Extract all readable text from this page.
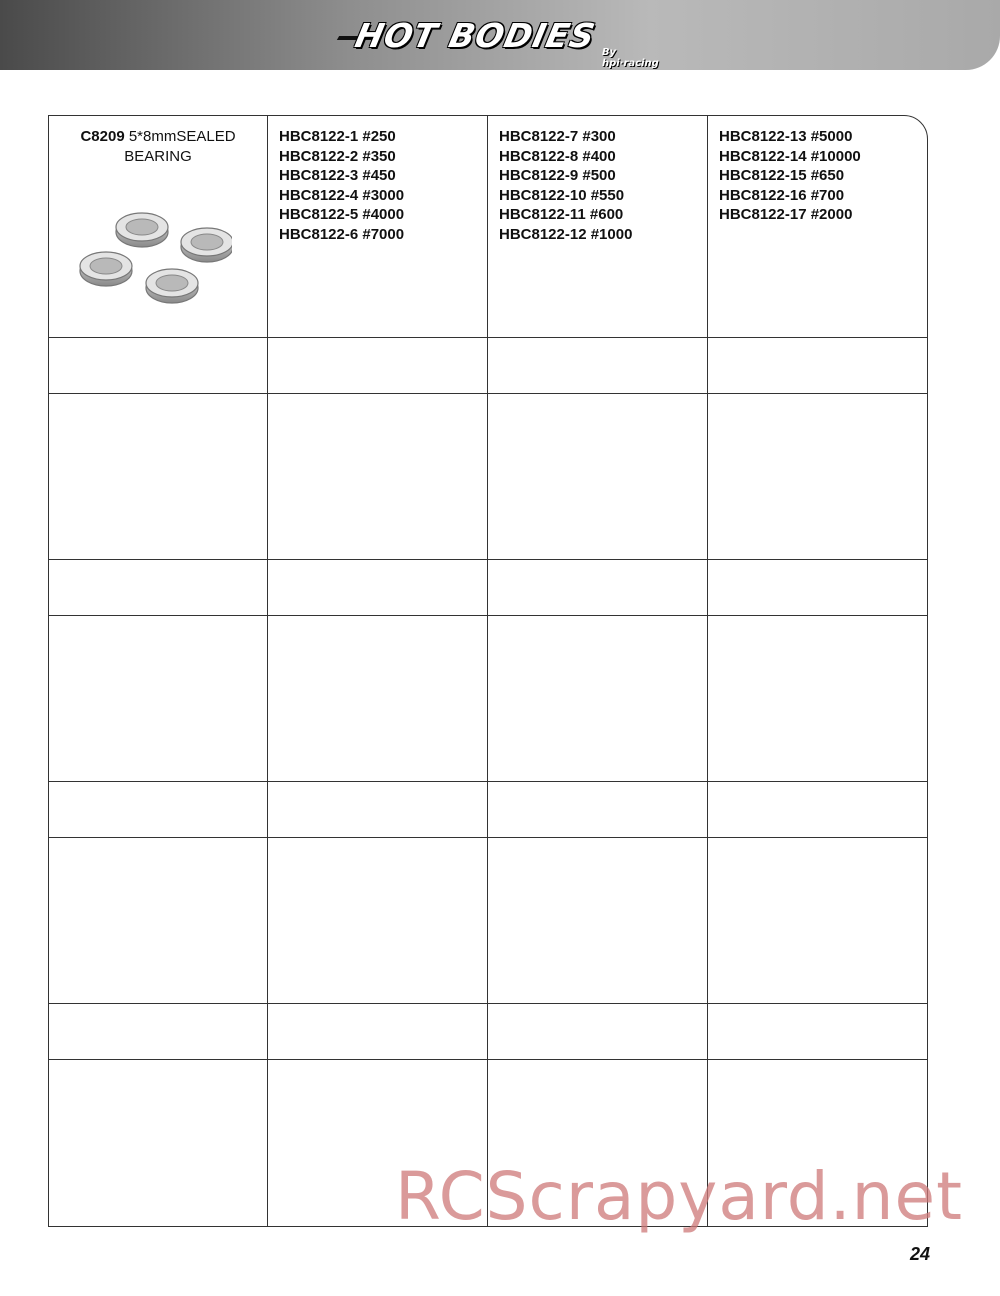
HOT BODIES By hpi·racing
C8209 5*8mmSEALED
BEARING
HBC8122-1 #250
HBC8122-2 #350
HBC8122-3 #450
HBC8122-4 #3000
HBC8122-5 #4000
HBC8122-6 #7000
HBC8122-7 #300
HBC8122-8 #400
HBC8122-9 #500
HBC8122-10 #550
HBC8122-11 #600
HBC8122-12 #1000
HBC8122-13 #5000
HBC8122-14 #10000
HBC8122-15 #650
HBC8122-16 #700
HBC8122-17 #2000
RCScrapyard.net
24
